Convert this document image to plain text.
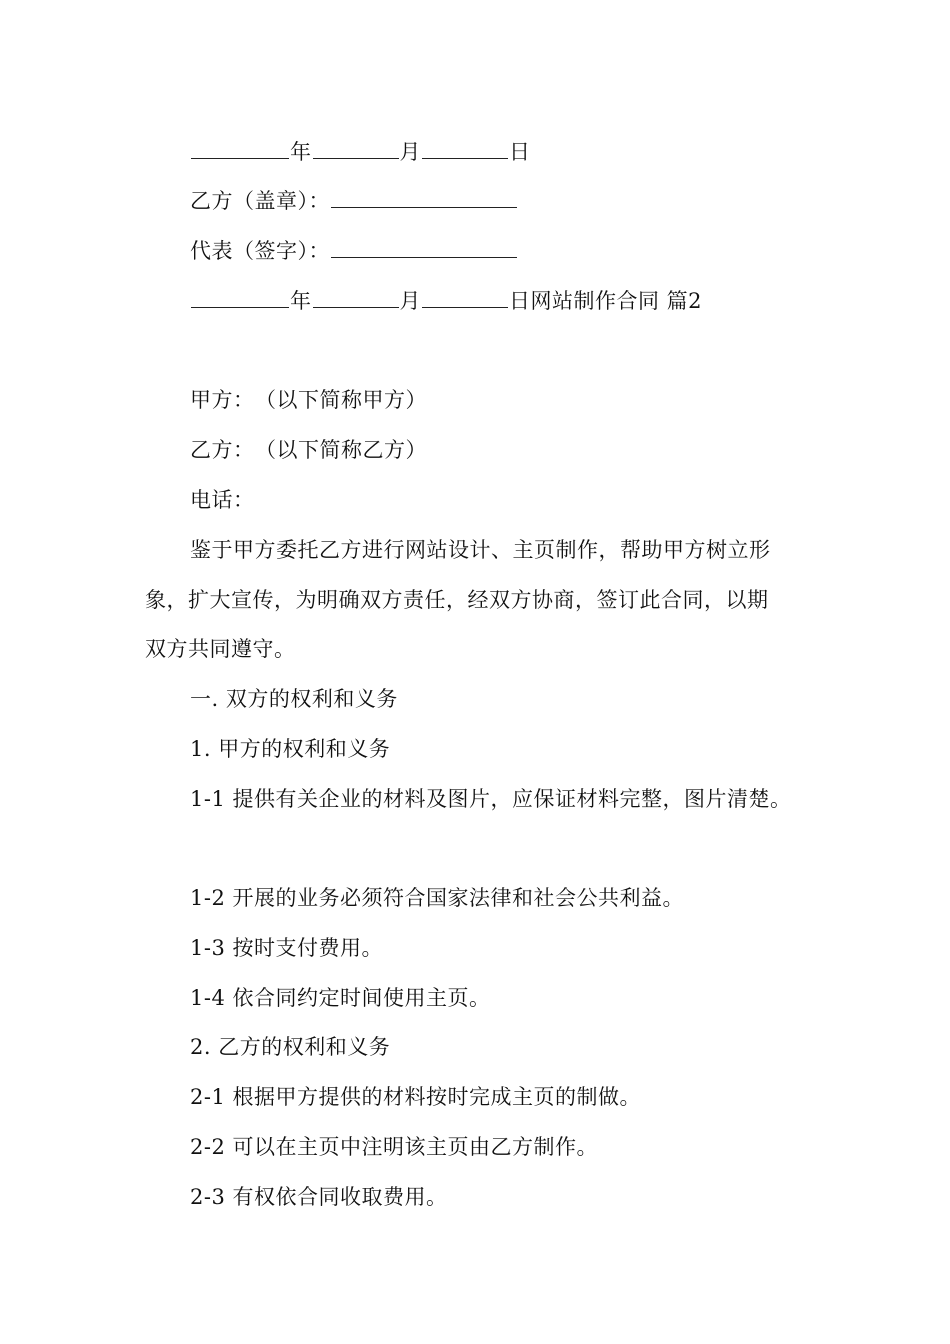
年	月	日
乙方（盖章）：
代表（签字）：
年	月	日网站制作合同 篇2
甲方：　（以下简称甲方）
乙方：　（以下简称乙方）
电话：
鉴于甲方委托乙方进行网站设计、主页制作，帮助甲方树立形
象，扩大宣传，为明确双方责任，经双方协商，签订此合同，以期
双方共同遵守。
一. 双方的权利和义务
1. 甲方的权利和义务
1-1 提供有关企业的材料及图片，应保证材料完整，图片清楚。
1-2 开展的业务必须符合国家法律和社会公共利益。
1-3 按时支付费用。
1-4 依合同约定时间使用主页。
2. 乙方的权利和义务
2-1 根据甲方提供的材料按时完成主页的制做。
2-2 可以在主页中注明该主页由乙方制作。
2-3 有权依合同收取费用。
